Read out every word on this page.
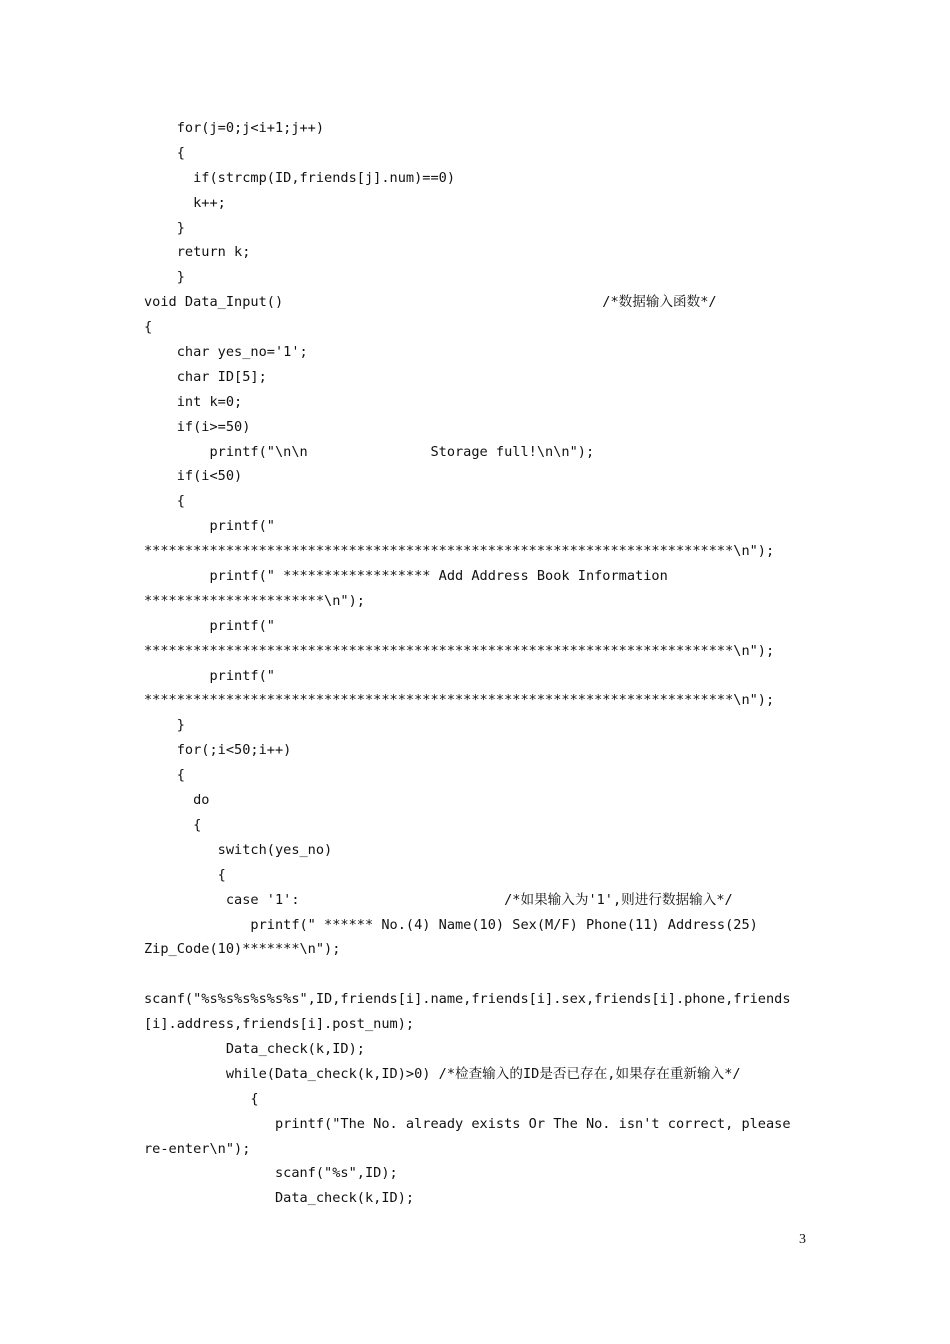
for(j=0;j<i+1;j++)
{
if(strcmp(ID,friends[j].num)==0)
k++;
}
return k;
}
void Data_Input()                                       /*数据输入函数*/
{
char yes_no='1';
char ID[5];
int k=0;
if(i>=50)
printf("\n\n               Storage full!\n\n");
if(i<50)
{
printf("
************************************************************************\n");
printf(" ****************** Add Address Book Information
**********************\n");
printf("
************************************************************************\n");
printf("
************************************************************************\n");
}
for(;i<50;i++)
{
do
{
switch(yes_no)
{
case '1':                         /*如果输入为'1',则进行数据输入*/
printf(" ****** No.(4) Name(10) Sex(M/F) Phone(11) Address(25)
Zip_Code(10)*******\n");
scanf("%s%s%s%s%s%s",ID,friends[i].name,friends[i].sex,friends[i].phone,friends
[i].address,friends[i].post_num);
Data_check(k,ID);
while(Data_check(k,ID)>0) /*检查输入的ID是否已存在,如果存在重新输入*/
{
printf("The No. already exists Or The No. isn't correct, please
re-enter\n");
scanf("%s",ID);
Data_check(k,ID);
3
